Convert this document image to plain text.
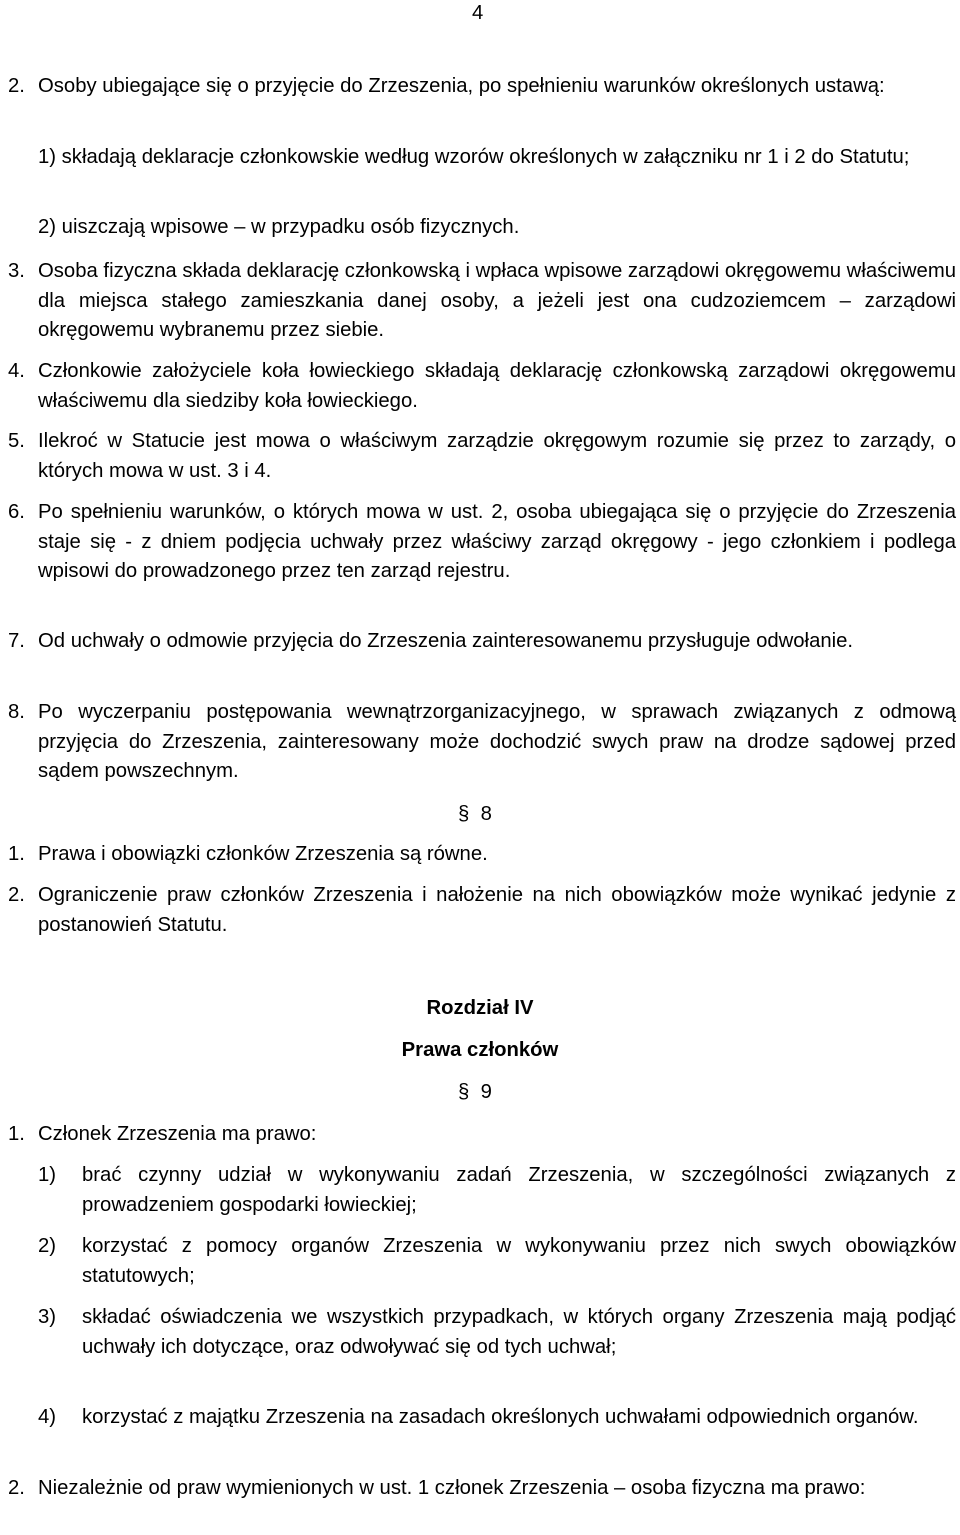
4
2. Osoby ubiegające się o przyjęcie do Zrzeszenia, po spełnieniu warunków określonych ustawą:
1) składają deklaracje członkowskie według wzorów określonych w załączniku nr 1 i 2 do Statutu;
2) uiszczają wpisowe – w przypadku osób fizycznych.
3. Osoba fizyczna składa deklarację członkowską i wpłaca wpisowe zarządowi okręgowemu właściwemu dla miejsca stałego zamieszkania danej osoby, a jeżeli jest ona cudzoziemcem – zarządowi okręgowemu wybranemu przez siebie.
4. Członkowie założyciele koła łowieckiego składają deklarację członkowską zarządowi okręgowemu właściwemu dla siedziby koła łowieckiego.
5. Ilekroć w Statucie jest mowa o właściwym zarządzie okręgowym rozumie się przez to zarządy, o których mowa w ust. 3 i 4.
6. Po spełnieniu warunków, o których mowa w ust. 2, osoba ubiegająca się o przyjęcie do Zrzeszenia staje się - z dniem podjęcia uchwały przez właściwy zarząd okręgowy - jego członkiem i podlega wpisowi do prowadzonego przez ten zarząd rejestru.
7. Od uchwały o odmowie przyjęcia do Zrzeszenia zainteresowanemu przysługuje odwołanie.
8. Po wyczerpaniu postępowania wewnątrzorganizacyjnego, w sprawach związanych z odmową przyjęcia do Zrzeszenia, zainteresowany może dochodzić swych praw na drodze sądowej przed sądem powszechnym.
§ 8
1. Prawa i obowiązki członków Zrzeszenia są równe.
2. Ograniczenie praw członków Zrzeszenia i nałożenie na nich obowiązków może wynikać jedynie z postanowień Statutu.
Rozdział IV
Prawa członków
§ 9
1. Członek Zrzeszenia ma prawo:
1) brać czynny udział w wykonywaniu zadań Zrzeszenia, w szczególności związanych z prowadzeniem gospodarki łowieckiej;
2) korzystać z pomocy organów Zrzeszenia w wykonywaniu przez nich swych obowiązków statutowych;
3) składać oświadczenia we wszystkich przypadkach, w których organy Zrzeszenia mają podjąć uchwały ich dotyczące, oraz odwoływać się od tych uchwał;
4) korzystać z majątku Zrzeszenia na zasadach określonych uchwałami odpowiednich organów.
2. Niezależnie od praw wymienionych w ust. 1 członek Zrzeszenia – osoba fizyczna ma prawo:
